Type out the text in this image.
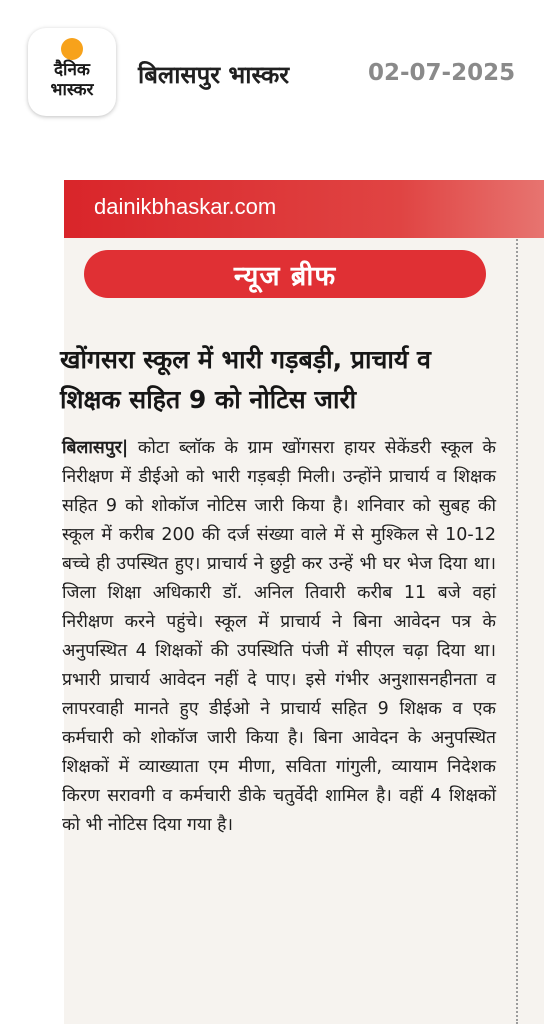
दैनिक
भास्कर
बिलासपुर भास्कर	02-07-2025
dainikbhaskar.com
न्यूज ब्रीफ
खोंगसरा स्कूल में भारी गड़बड़ी, प्राचार्य व शिक्षक सहित 9 को नोटिस जारी
बिलासपुर| कोटा ब्लॉक के ग्राम खोंगसरा हायर सेकेंडरी स्कूल के निरीक्षण में डीईओ को भारी गड़बड़ी मिली। उन्होंने प्राचार्य व शिक्षक सहित 9 को शोकॉज नोटिस जारी किया है। शनिवार को सुबह की स्कूल में करीब 200 की दर्ज संख्या वाले में से मुश्किल से 10-12 बच्चे ही उपस्थित हुए। प्राचार्य ने छुट्टी कर उन्हें भी घर भेज दिया था। जिला शिक्षा अधिकारी डॉ. अनिल तिवारी करीब 11 बजे वहां निरीक्षण करने पहुंचे। स्कूल में प्राचार्य ने बिना आवेदन पत्र के अनुपस्थित 4 शिक्षकों की उपस्थिति पंजी में सीएल चढ़ा दिया था। प्रभारी प्राचार्य आवेदन नहीं दे पाए। इसे गंभीर अनुशासनहीनता व लापरवाही मानते हुए डीईओ ने प्राचार्य सहित 9 शिक्षक व एक कर्मचारी को शोकॉज जारी किया है। बिना आवेदन के अनुपस्थित शिक्षकों में व्याख्याता एम मीणा, सविता गांगुली, व्यायाम निदेशक किरण सरावगी व कर्मचारी डीके चतुर्वेदी शामिल है। वहीं 4 शिक्षकों को भी नोटिस दिया गया है।
